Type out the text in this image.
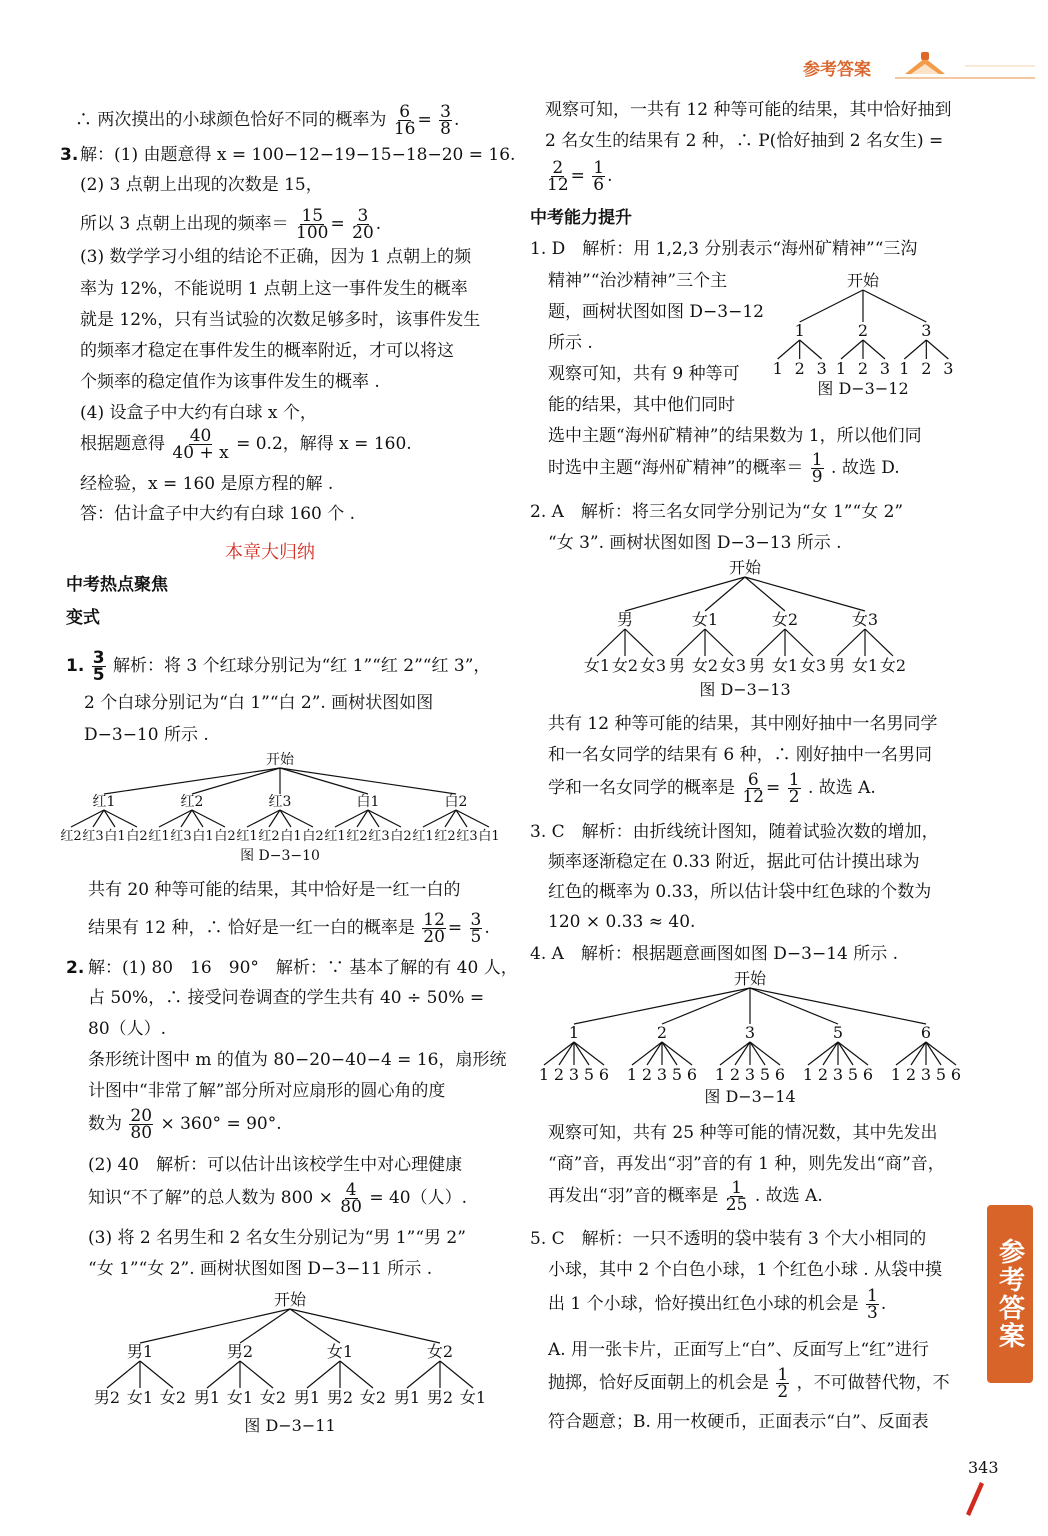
参考答案
∴ 两次摸出的小球颜色恰好不同的概率为 $\frac{6}{16} = \frac{3}{8}$ .
3. 解：(1) 由题意得 x = 100−12−19−15−18−20 = 16.
(2) 3 点朝上出现的次数是 15，
所以 3 点朝上出现的频率＝ $\frac{15}{100} = \frac{3}{20}$ .
(3) 数学学习小组的结论不正确，因为 1 点朝上的频
率为 12%，不能说明 1 点朝上这一事件发生的概率
就是 12%，只有当试验的次数足够多时，该事件发生
的频率才稳定在事件发生的概率附近，才可以将这
个频率的稳定值作为该事件发生的概率 .
(4) 设盒子中大约有白球 x 个，
根据题意得 $\frac{40}{40 + x} = 0.2$，解得 x = 160.
经检验，x = 160 是原方程的解 .
答：估计盒子中大约有白球 160 个 .
本章大归纳
中考热点聚焦
变式
1. $\frac{3}{5}$ 解析：将 3 个红球分别记为“红 1”“红 2”“红 3”，
2 个白球分别记为“白 1”“白 2”. 画树状图如图
D−3−10 所示 .
开始
红1
红2 红3 白1 白2
红2
红1 红3 白1 白2
红3
红1 红2 白1 白2
白1
红1 红2 红3 白2
白2
红1 红2 红3 白1
图 D−3−10
共有 20 种等可能的结果，其中恰好是一红一白的
结果有 12 种，∴ 恰好是一红一白的概率是 $\frac{12}{20} = \frac{3}{5}$ .
2. 解：(1) 80　16　90°　解析：∵ 基本了解的有 40 人，
占 50%，∴ 接受问卷调查的学生共有 40 ÷ 50% =
80（人）.
条形统计图中 m 的值为 80−20−40−4 = 16，扇形统
计图中“非常了解”部分所对应扇形的圆心角的度
数为 $\frac{20}{80} \times 360^\circ = 90^\circ$.
(2) 40　解析：可以估计出该校学生中对心理健康
知识“不了解”的总人数为 $800 \times \frac{4}{80} = 40$（人）.
(3) 将 2 名男生和 2 名女生分别记为“男 1”“男 2”
“女 1”“女 2”. 画树状图如图 D−3−11 所示 .
开始
男1
男2 女1 女2
男2
男1 女1 女2
女1
男1 男2 女2
女2
男1 男2 女1
图 D−3−11
观察可知，一共有 12 种等可能的结果，其中恰好抽到
2 名女生的结果有 2 种，∴ P(恰好抽到 2 名女生) =
$\frac{2}{12} = \frac{1}{6}$ .
中考能力提升
1. D　解析：用 1,2,3 分别表示“海州矿精神”“三沟
精神”“治沙精神”三个主
题，画树状图如图 D−3−12
所示 .
观察可知，共有 9 种等可
能的结果，其中他们同时
开始
1
1 2 3
2
1 2 3
3
1 2 3
图 D−3−12
选中主题“海州矿精神”的结果数为 1，所以他们同
时选中主题“海州矿精神”的概率＝ $\frac{1}{9}$ . 故选 D.
2. A　解析：将三名女同学分别记为“女 1”“女 2”
“女 3”. 画树状图如图 D−3−13 所示 .
开始
男
女1 女2 女3
女1
男 女2 女3
女2
男 女1 女3
女3
男 女1 女2
图 D−3−13
共有 12 种等可能的结果，其中刚好抽中一名男同学
和一名女同学的结果有 6 种，∴ 刚好抽中一名男同
学和一名女同学的概率是 $\frac{6}{12} = \frac{1}{2}$ . 故选 A.
3. C　解析：由折线统计图知，随着试验次数的增加，
频率逐渐稳定在 0.33 附近，据此可估计摸出球为
红色的概率为 0.33，所以估计袋中红色球的个数为
120 × 0.33 ≈ 40.
4. A　解析：根据题意画图如图 D−3−14 所示 .
开始
1
1 2 3 5 6
2
1 2 3 5 6
3
1 2 3 5 6
5
1 2 3 5 6
6
1 2 3 5 6
图 D−3−14
观察可知，共有 25 种等可能的情况数，其中先发出
“商”音，再发出“羽”音的有 1 种，则先发出“商”音，
再发出“羽”音的概率是 $\frac{1}{25}$ . 故选 A.
5. C　解析：一只不透明的袋中装有 3 个大小相同的
小球，其中 2 个白色小球，1 个红色小球 . 从袋中摸
出 1 个小球，恰好摸出红色小球的机会是 $\frac{1}{3}$ .
A. 用一张卡片，正面写上“白”、反面写上“红”进行
抛掷，恰好反面朝上的机会是 $\frac{1}{2}$ ，不可做替代物，不
符合题意；B. 用一枚硬币，正面表示“白”、反面表
参考答案
343
